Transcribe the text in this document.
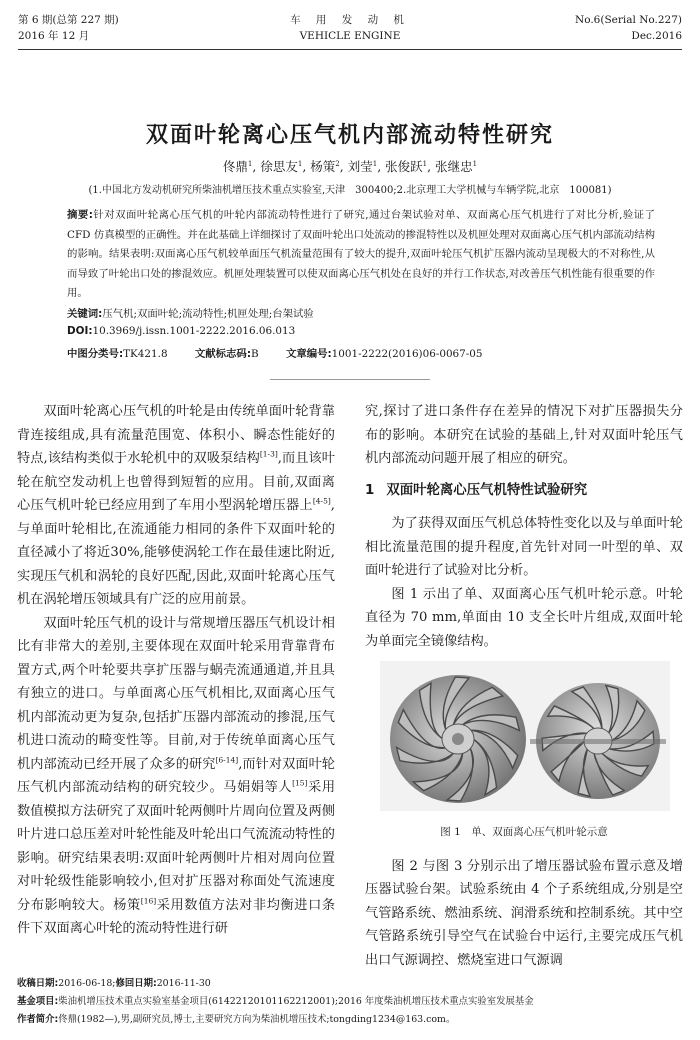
第 6 期(总第 227 期)
2016 年 12 月
车 用 发 动 机
VEHICLE ENGINE
No.6(Serial No.227)
Dec.2016
双面叶轮离心压气机内部流动特性研究
佟鼎$^1$, 徐思友$^1$, 杨策$^2$, 刘莹$^1$, 张俊跃$^1$, 张继忠$^1$
(1.中国北方发动机研究所柴油机增压技术重点实验室,天津　300400;2.北京理工大学机械与车辆学院,北京　100081)

摘要:针对双面叶轮离心压气机的叶轮内部流动特性进行了研究,通过台架试验对单、双面离心压气机进行了对比分析,验证了 CFD 仿真模型的正确性。并在此基础上详细探讨了双面叶轮出口处流动的掺混特性以及机匣处理对双面离心压气机内部流动结构的影响。结果表明:双面离心压气机较单面压气机流量范围有了较大的提升,双面叶轮压气机扩压器内流动呈现极大的不对称性,从而导致了叶轮出口处的掺混效应。机匣处理装置可以使双面离心压气机处在良好的并行工作状态,对改善压气机性能有很重要的作用。

关键词:压气机;双面叶轮;流动特性;机匣处理;台架试验
DOI:10.3969/j.issn.1001-2222.2016.06.013
中图分类号:TK421.8	文献标志码:B	文章编号:1001-2222(2016)06-0067-05

双面叶轮离心压气机的叶轮是由传统单面叶轮背靠背连接组成,具有流量范围宽、体积小、瞬态性能好的特点,该结构类似于水轮机中的双吸泵结构[1-3],而且该叶轮在航空发动机上也曾得到短暂的应用。目前,双面离心压气机叶轮已经应用到了车用小型涡轮增压器上[4-5],与单面叶轮相比,在流通能力相同的条件下双面叶轮的直径减小了将近30%,能够使涡轮工作在最佳速比附近,实现压气机和涡轮的良好匹配,因此,双面叶轮离心压气机在涡轮增压领域具有广泛的应用前景。

双面叶轮压气机的设计与常规增压器压气机设计相比有非常大的差别,主要体现在双面叶轮采用背靠背布置方式,两个叶轮要共享扩压器与蜗壳流通通道,并且具有独立的进口。与单面离心压气机相比,双面离心压气机内部流动更为复杂,包括扩压器内部流动的掺混,压气机进口流动的畸变性等。目前,对于传统单面离心压气机内部流动已经开展了众多的研究[6-14],而针对双面叶轮压气机内部流动结构的研究较少。马娟娟等人[15]采用数值模拟方法研究了双面叶轮两侧叶片周向位置及两侧叶片进口总压差对叶轮性能及叶轮出口气流流动特性的影响。研究结果表明:双面叶轮两侧叶片相对周向位置对叶轮级性能影响较小,但对扩压器对称面处气流速度分布影响较大。杨策[16]采用数值方法对非均衡进口条件下双面离心叶轮的流动特性进行研

究,探讨了进口条件存在差异的情况下对扩压器损失分布的影响。本研究在试验的基础上,针对双面叶轮压气机内部流动问题开展了相应的研究。

1 双面叶轮离心压气机特性试验研究

为了获得双面压气机总体特性变化以及与单面叶轮相比流量范围的提升程度,首先针对同一叶型的单、双面叶轮进行了试验对比分析。

图 1 示出了单、双面离心压气机叶轮示意。叶轮直径为 70 mm,单面由 10 支全长叶片组成,双面叶轮为单面完全镜像结构。

图 1　单、双面离心压气机叶轮示意

图 2 与图 3 分别示出了增压器试验布置示意及增压器试验台架。试验系统由 4 个子系统组成,分别是空气管路系统、燃油系统、润滑系统和控制系统。其中空气管路系统引导空气在试验台中运行,主要完成压气机出口气源调控、燃烧室进口气源调

收稿日期:2016-06-18;修回日期:2016-11-30
基金项目:柴油机增压技术重点实验室基金项目(61422120101162212001);2016 年度柴油机增压技术重点实验室发展基金
作者简介:佟鼎(1982—),男,副研究员,博士,主要研究方向为柴油机增压技术;tongding1234@163.com。
